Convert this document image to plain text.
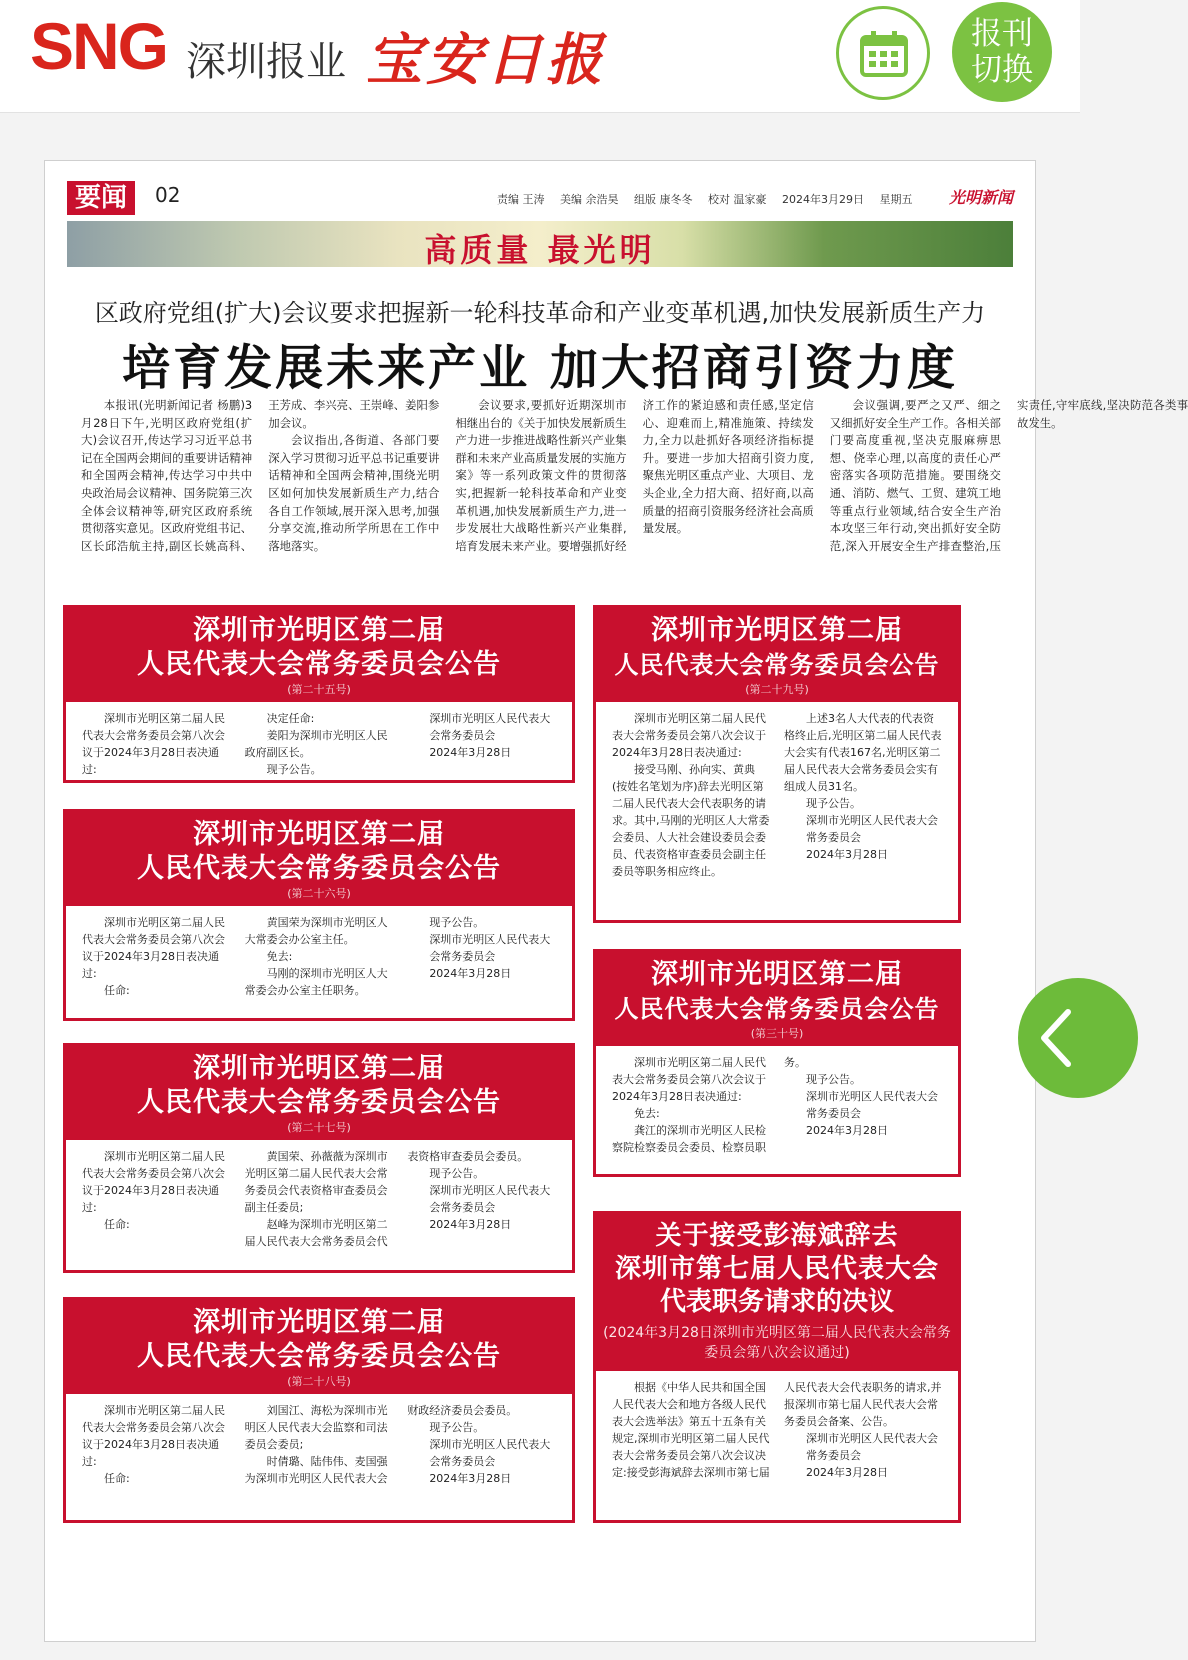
SNG 深圳报业 宝安日报	报刊切换
要闻	02	责编 王涛 美编 余浩昊 组版 康冬冬 校对 温家豪 2024年3月29日 星期五	光明新闻
高质量 最光明
区政府党组(扩大)会议要求把握新一轮科技革命和产业变革机遇,加快发展新质生产力
培育发展未来产业 加大招商引资力度

本报讯(光明新闻记者 杨鹏)3月28日下午,光明区政府党组(扩大)会议召开,传达学习习近平总书记在全国两会期间的重要讲话精神和全国两会精神,传达学习中共中央政治局会议精神、国务院第三次全体会议精神等,研究区政府系统贯彻落实意见。区政府党组书记、区长邱浩航主持,副区长姚高科、王芳成、李兴亮、王崇峰、姜阳参加会议。

会议指出,各街道、各部门要深入学习贯彻习近平总书记重要讲话精神和全国两会精神,围绕光明区如何加快发展新质生产力,结合各自工作领域,展开深入思考,加强分享交流,推动所学所思在工作中落地落实。

会议要求,要抓好近期深圳市相继出台的《关于加快发展新质生产力进一步推进战略性新兴产业集群和未来产业高质量发展的实施方案》等一系列政策文件的贯彻落实,把握新一轮科技革命和产业变革机遇,加快发展新质生产力,进一步发展壮大战略性新兴产业集群,培育发展未来产业。要增强抓好经济工作的紧迫感和责任感,坚定信心、迎难而上,精准施策、持续发力,全力以赴抓好各项经济指标提升。要进一步加大招商引资力度,聚焦光明区重点产业、大项目、龙头企业,全力招大商、招好商,以高质量的招商引资服务经济社会高质量发展。

会议强调,要严之又严、细之又细抓好安全生产工作。各相关部门要高度重视,坚决克服麻痹思想、侥幸心理,以高度的责任心严密落实各项防范措施。要围绕交通、消防、燃气、工贸、建筑工地等重点行业领域,结合安全生产治本攻坚三年行动,突出抓好安全防范,深入开展安全生产排查整治,压实责任,守牢底线,坚决防范各类事故发生。

深圳市光明区第二届
人民代表大会常务委员会公告
(第二十五号)

深圳市光明区第二届人民代表大会常务委员会第八次会议于2024年3月28日表决通过:

决定任命:

姜阳为深圳市光明区人民政府副区长。

现予公告。

深圳市光明区人民代表大会常务委员会

2024年3月28日

深圳市光明区第二届
人民代表大会常务委员会公告
(第二十六号)

深圳市光明区第二届人民代表大会常务委员会第八次会议于2024年3月28日表决通过:

任命:

黄国荣为深圳市光明区人大常委会办公室主任。

免去:

马刚的深圳市光明区人大常委会办公室主任职务。

现予公告。

深圳市光明区人民代表大会常务委员会

2024年3月28日

深圳市光明区第二届
人民代表大会常务委员会公告
(第二十七号)

深圳市光明区第二届人民代表大会常务委员会第八次会议于2024年3月28日表决通过:

任命:

黄国荣、孙薇薇为深圳市光明区第二届人民代表大会常务委员会代表资格审查委员会副主任委员;

赵峰为深圳市光明区第二届人民代表大会常务委员会代表资格审查委员会委员。

现予公告。

深圳市光明区人民代表大会常务委员会

2024年3月28日

深圳市光明区第二届
人民代表大会常务委员会公告
(第二十八号)

深圳市光明区第二届人民代表大会常务委员会第八次会议于2024年3月28日表决通过:

任命:

刘国江、海松为深圳市光明区人民代表大会监察和司法委员会委员;

时倩璐、陆伟伟、麦国强为深圳市光明区人民代表大会财政经济委员会委员。

现予公告。

深圳市光明区人民代表大会常务委员会

2024年3月28日

深圳市光明区第二届
人民代表大会常务委员会公告
(第二十九号)

深圳市光明区第二届人民代表大会常务委员会第八次会议于2024年3月28日表决通过:

接受马刚、孙向实、黄典(按姓名笔划为序)辞去光明区第二届人民代表大会代表职务的请求。其中,马刚的光明区人大常委会委员、人大社会建设委员会委员、代表资格审查委员会副主任委员等职务相应终止。

上述3名人大代表的代表资格终止后,光明区第二届人民代表大会实有代表167名,光明区第二届人民代表大会常务委员会实有组成人员31名。

现予公告。

深圳市光明区人民代表大会常务委员会

2024年3月28日

深圳市光明区第二届
人民代表大会常务委员会公告
(第三十号)

深圳市光明区第二届人民代表大会常务委员会第八次会议于2024年3月28日表决通过:

免去:

龚江的深圳市光明区人民检察院检察委员会委员、检察员职务。

现予公告。

深圳市光明区人民代表大会常务委员会

2024年3月28日

关于接受彭海斌辞去
深圳市第七届人民代表大会
代表职务请求的决议
(2024年3月28日深圳市光明区第二届人民代表大会常务委员会第八次会议通过)

根据《中华人民共和国全国人民代表大会和地方各级人民代表大会选举法》第五十五条有关规定,深圳市光明区第二届人民代表大会常务委员会第八次会议决定:接受彭海斌辞去深圳市第七届人民代表大会代表职务的请求,并报深圳市第七届人民代表大会常务委员会备案、公告。

深圳市光明区人民代表大会常务委员会

2024年3月28日
